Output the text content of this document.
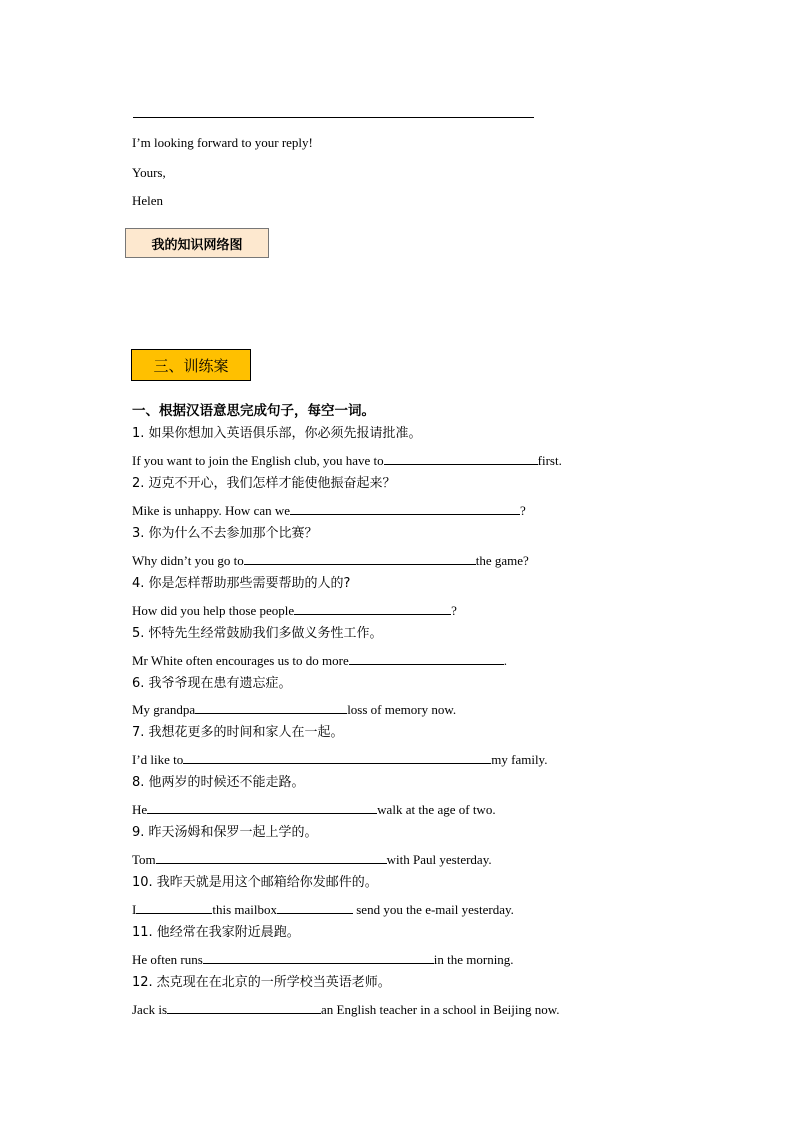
I’m looking forward to your reply!
Yours,
Helen
我的知识网络图
三、训练案
一、根据汉语意思完成句子，每空一词。
1. 如果你想加入英语俱乐部，你必须先报请批准。
If you want to join the English club, you have to	first.
2. 迈克不开心，我们怎样才能使他振奋起来？
Mike is unhappy. How can we	?
3. 你为什么不去参加那个比赛？
Why didn’t you go to	the game?
4. 你是怎样帮助那些需要帮助的人的?
How did you help those people	?
5. 怀特先生经常鼓励我们多做义务性工作。
Mr White often encourages us to do more	.
6. 我爷爷现在患有遗忘症。
My grandpa	loss of memory now.
7. 我想花更多的时间和家人在一起。
I’d like to	my family.
8. 他两岁的时候还不能走路。
He	walk at the age of two.
9. 昨天汤姆和保罗一起上学的。
Tom	with Paul yesterday.
10. 我昨天就是用这个邮箱给你发邮件的。
I	this mailbox	send you the e-mail yesterday.
11. 他经常在我家附近晨跑。
He often runs	in the morning.
12. 杰克现在在北京的一所学校当英语老师。
Jack is	an English teacher in a school in Beijing now.
